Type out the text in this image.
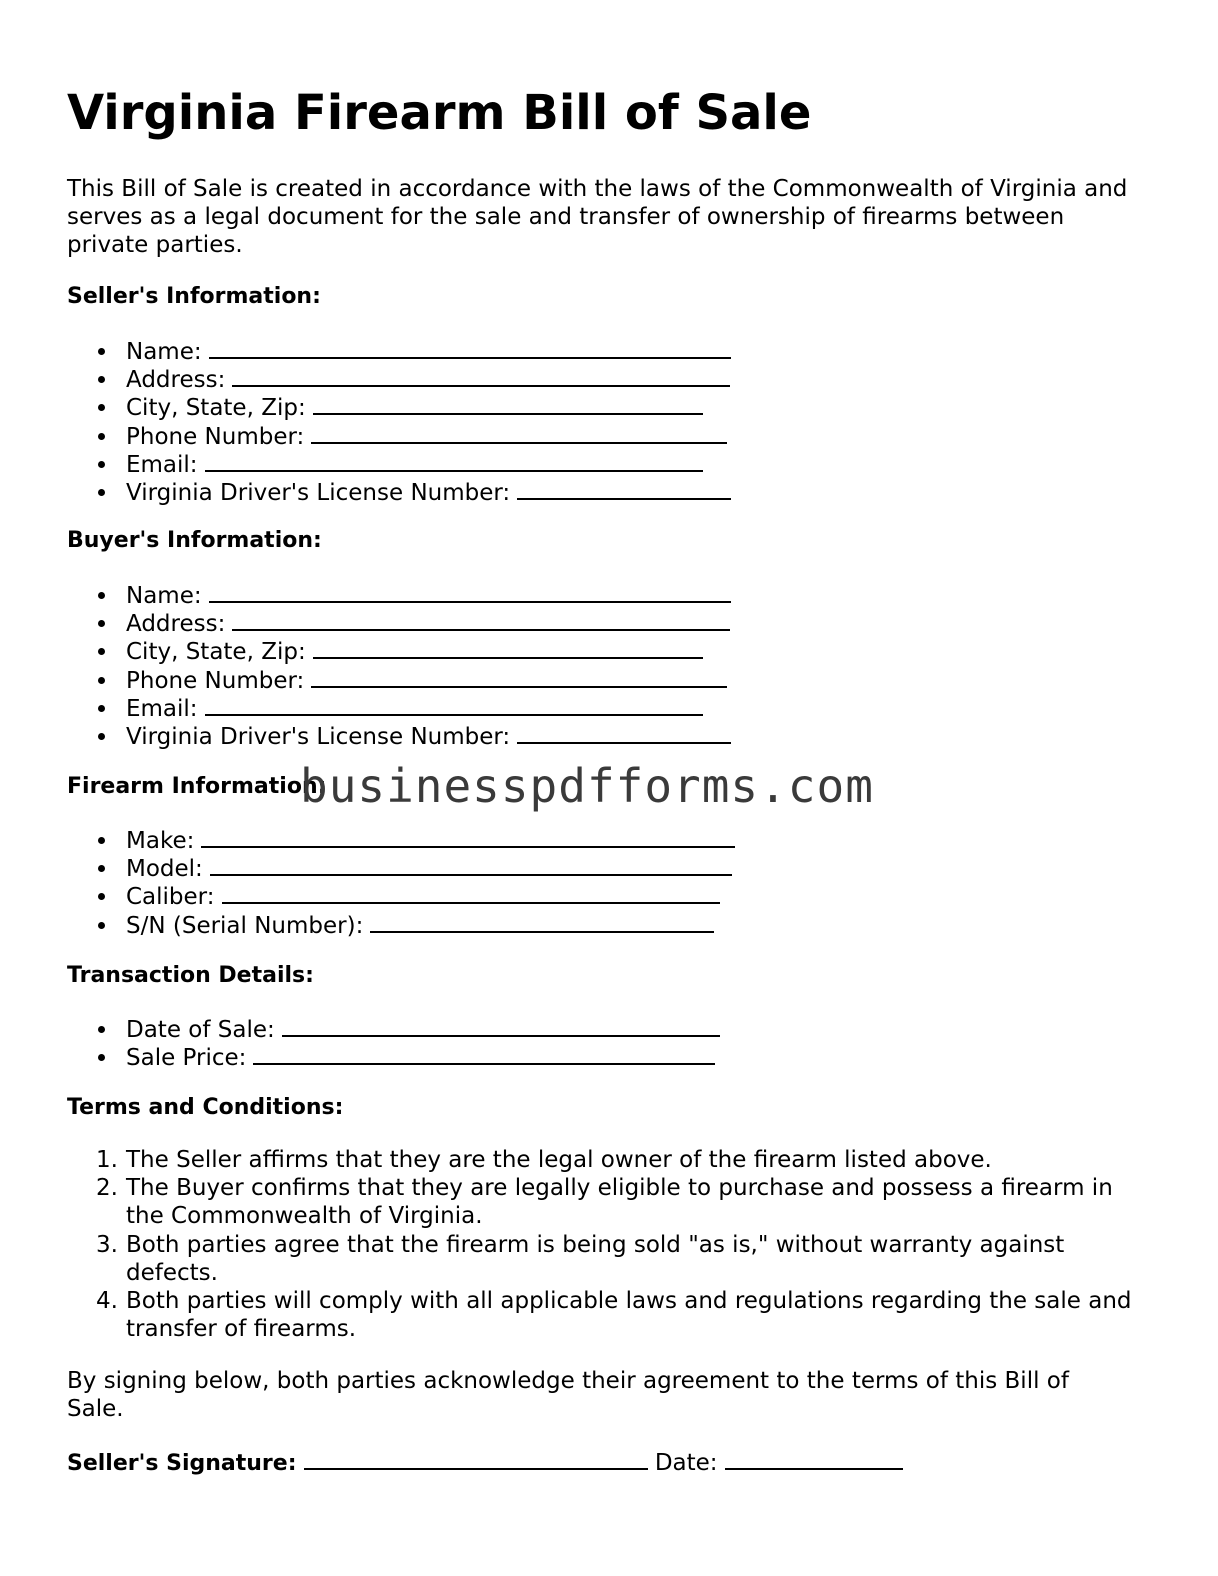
Virginia Firearm Bill of Sale

This Bill of Sale is created in accordance with the laws of the Commonwealth of Virginia and serves as a legal document for the sale and transfer of ownership of firearms between private parties.

Seller's Information:
Name:
Address:
City, State, Zip:
Phone Number:
Email:
Virginia Driver's License Number:
Buyer's Information:
Name:
Address:
City, State, Zip:
Phone Number:
Email:
Virginia Driver's License Number:
Firearm Information:
Make:
Model:
Caliber:
S/N (Serial Number):
Transaction Details:
Date of Sale:
Sale Price:
Terms and Conditions:
1. The Seller affirms that they are the legal owner of the firearm listed above.
2. The Buyer confirms that they are legally eligible to purchase and possess a firearm in the Commonwealth of Virginia.
3. Both parties agree that the firearm is being sold "as is," without warranty against defects.
4. Both parties will comply with all applicable laws and regulations regarding the sale and transfer of firearms.

By signing below, both parties acknowledge their agreement to the terms of this Bill of Sale.

Seller's Signature:	Date:
businesspdfforms.com
